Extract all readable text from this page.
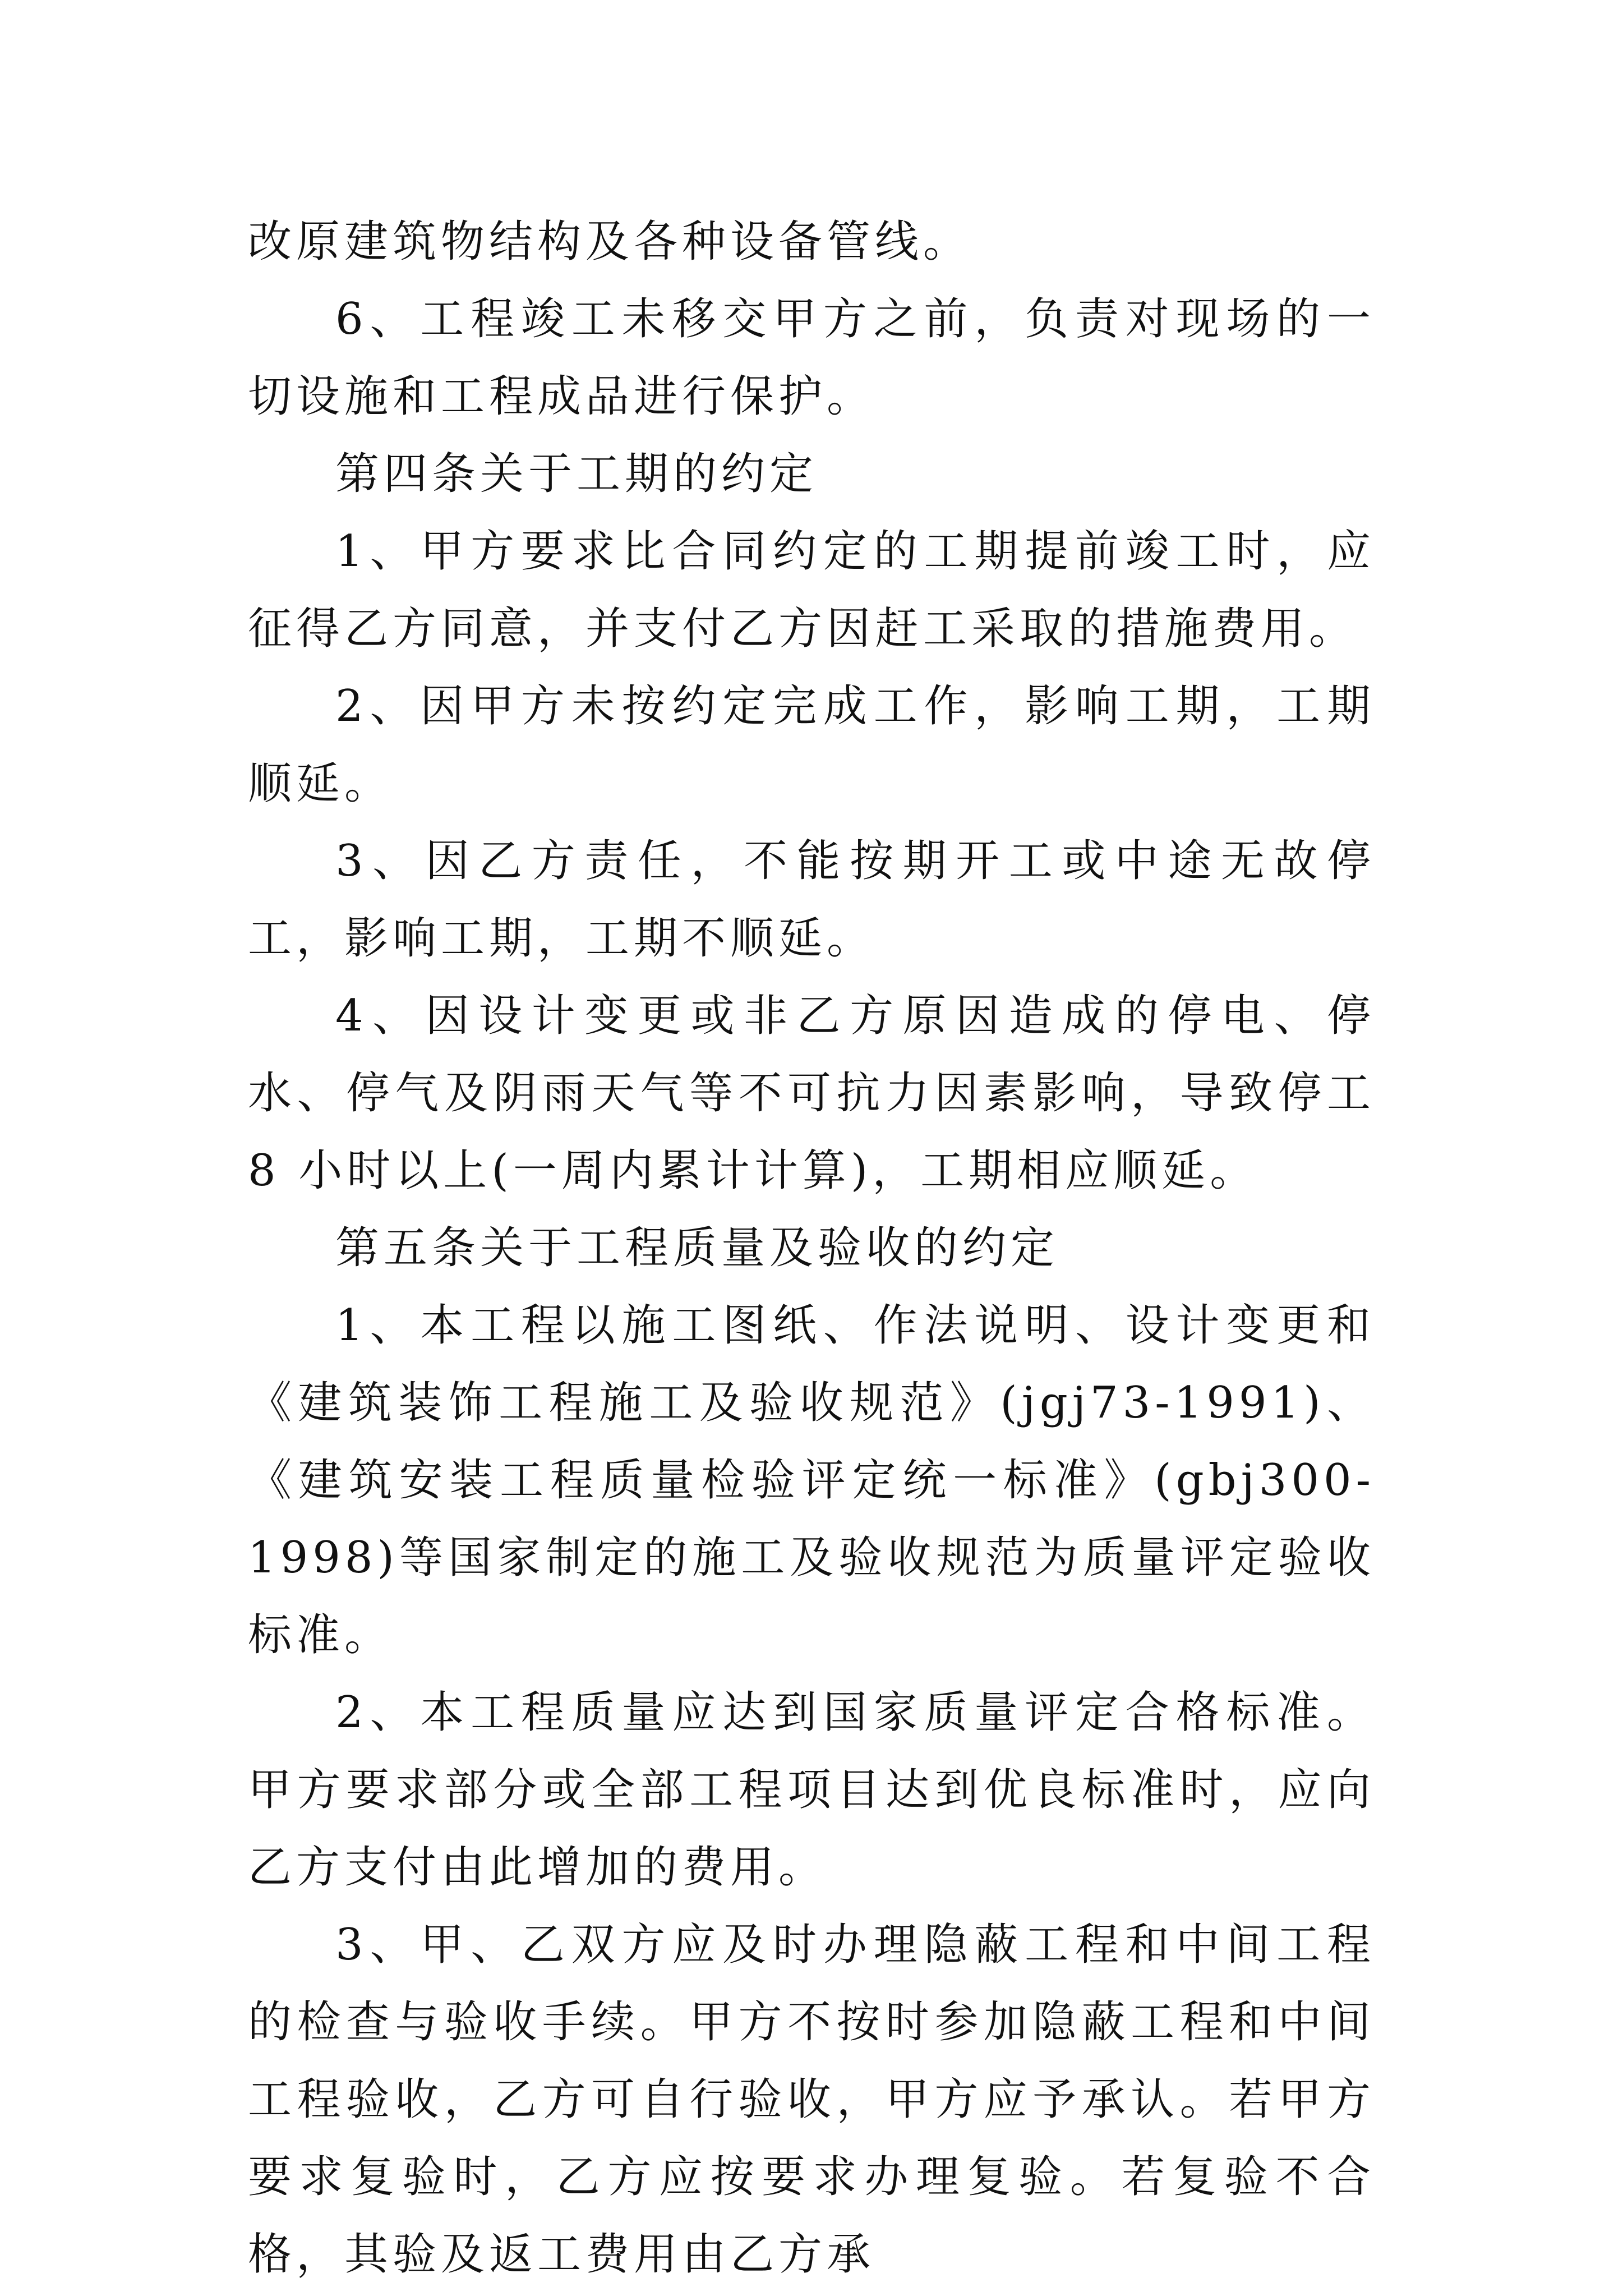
改原建筑物结构及各种设备管线。

6、工程竣工未移交甲方之前，负责对现场的一切设施和工程成品进行保护。

第四条关于工期的约定

1、甲方要求比合同约定的工期提前竣工时，应征得乙方同意，并支付乙方因赶工采取的措施费用。

2、因甲方未按约定完成工作，影响工期，工期顺延。

3、因乙方责任，不能按期开工或中途无故停工，影响工期，工期不顺延。

4、因设计变更或非乙方原因造成的停电、停水、停气及阴雨天气等不可抗力因素影响，导致停工 8 小时以上(一周内累计计算)，工期相应顺延。

第五条关于工程质量及验收的约定

1、本工程以施工图纸、作法说明、设计变更和《建筑装饰工程施工及验收规范》(jgj73-1991)、《建筑安装工程质量检验评定统一标准》(gbj300-1998)等国家制定的施工及验收规范为质量评定验收标准。

2、本工程质量应达到国家质量评定合格标准。甲方要求部分或全部工程项目达到优良标准时，应向乙方支付由此增加的费用。

3、甲、乙双方应及时办理隐蔽工程和中间工程的检查与验收手续。甲方不按时参加隐蔽工程和中间工程验收，乙方可自行验收，甲方应予承认。若甲方要求复验时，乙方应按要求办理复验。若复验不合格，其验及返工费用由乙方承
